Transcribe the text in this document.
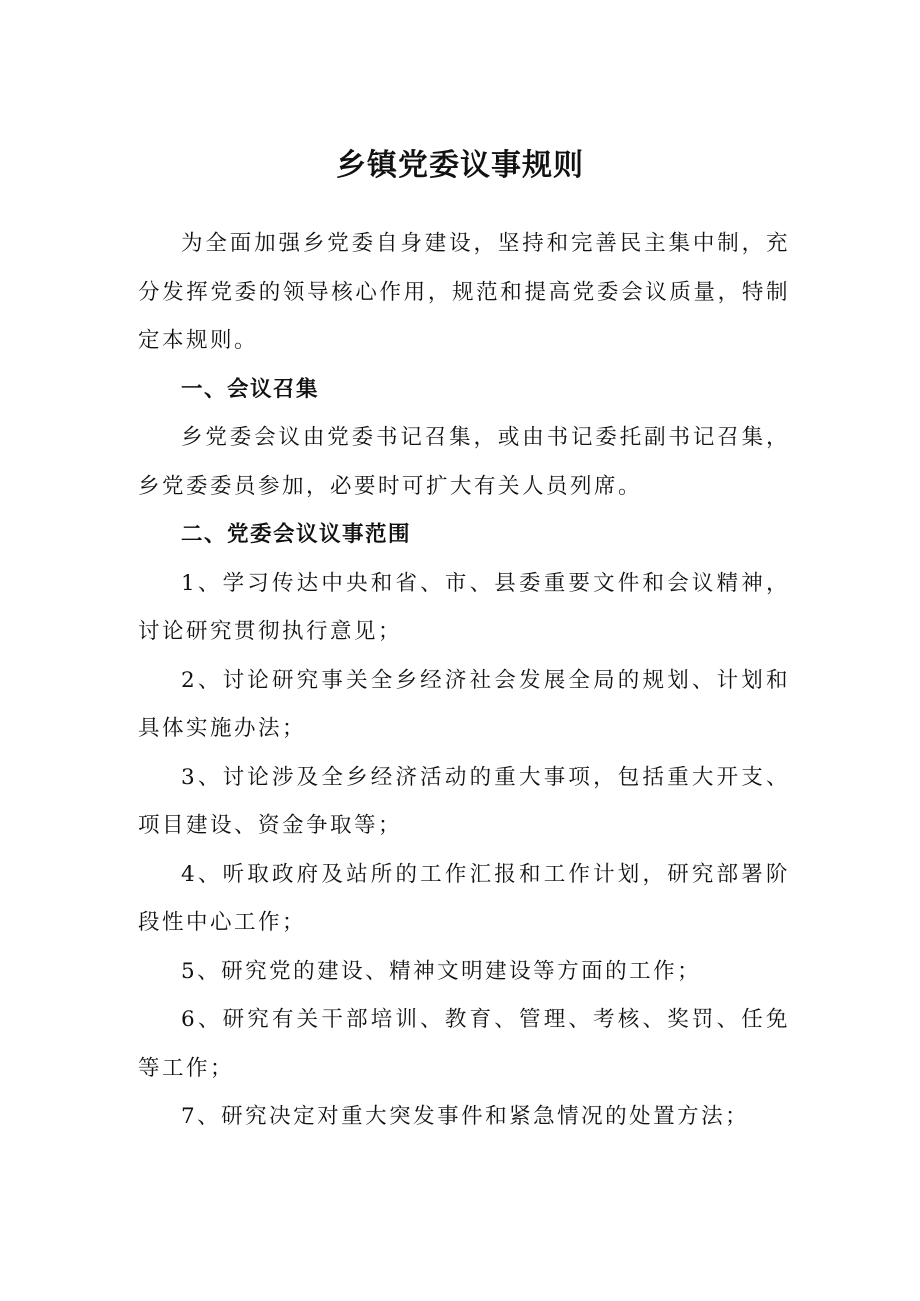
乡镇党委议事规则

为全面加强乡党委自身建设，坚持和完善民主集中制，充分发挥党委的领导核心作用，规范和提高党委会议质量，特制定本规则。

一、会议召集

乡党委会议由党委书记召集，或由书记委托副书记召集，乡党委委员参加，必要时可扩大有关人员列席。

二、党委会议议事范围

1、学习传达中央和省、市、县委重要文件和会议精神，讨论研究贯彻执行意见；

2、讨论研究事关全乡经济社会发展全局的规划、计划和具体实施办法；

3、讨论涉及全乡经济活动的重大事项，包括重大开支、项目建设、资金争取等；

4、听取政府及站所的工作汇报和工作计划，研究部署阶段性中心工作；

5、研究党的建设、精神文明建设等方面的工作；

6、研究有关干部培训、教育、管理、考核、奖罚、任免等工作；

7、研究决定对重大突发事件和紧急情况的处置方法；
